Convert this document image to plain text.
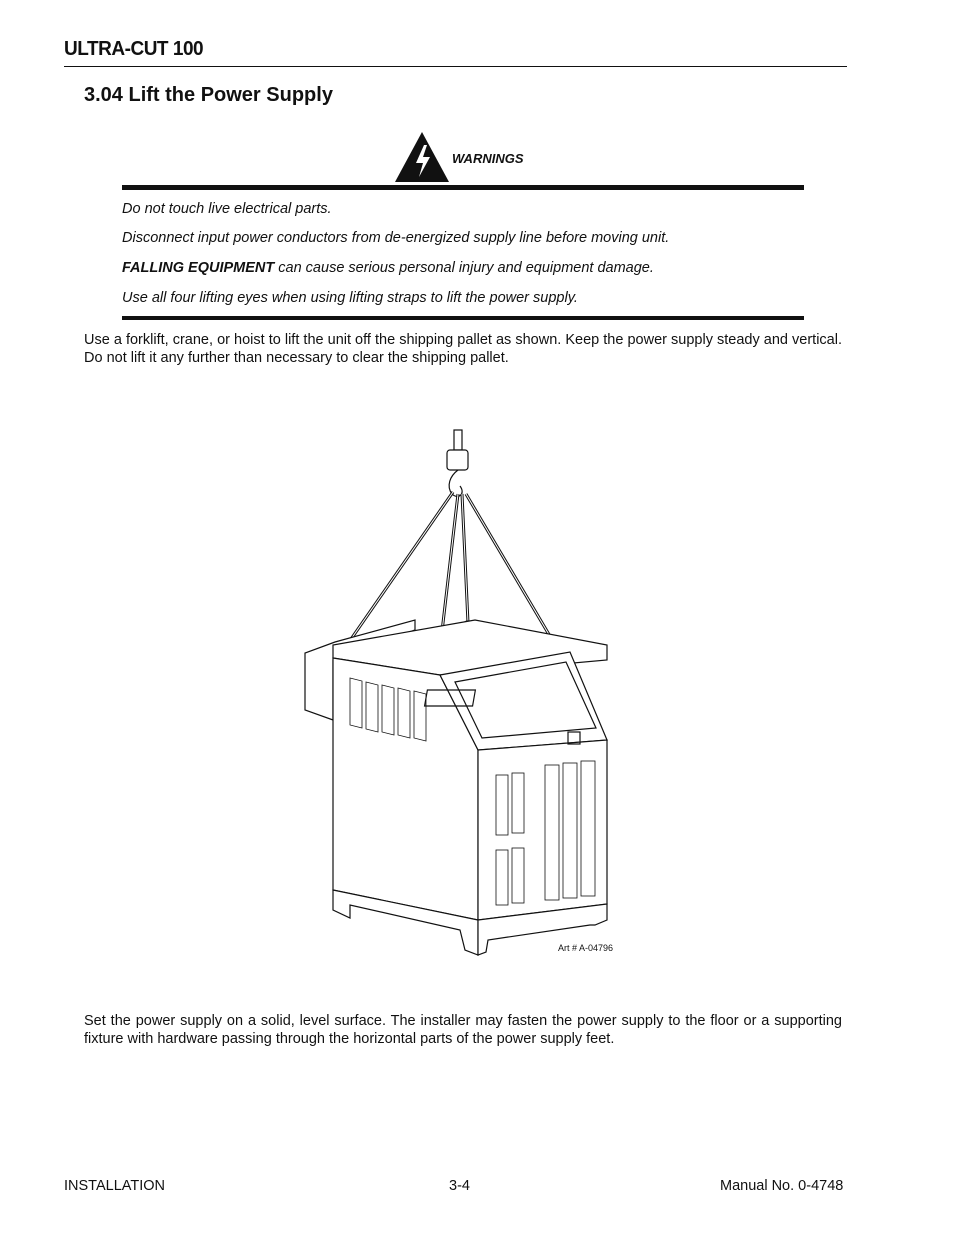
ULTRA-CUT 100
3.04 Lift the Power Supply
WARNINGS
Do not touch live electrical parts.
Disconnect input power conductors from de-energized supply line before moving unit.
FALLING EQUIPMENT can cause serious personal injury and equipment damage.
Use all four lifting eyes when using lifting straps to lift the power supply.
Use a forklift, crane, or hoist to lift the unit off the shipping pallet as shown. Keep the power supply steady and vertical. Do not lift it any further than necessary to clear the shipping pallet.
Art # A-04796
Set the power supply on a solid, level surface. The installer may fasten the power supply to the floor or a supporting fixture with hardware passing through the horizontal parts of the power supply feet.
INSTALLATION	3-4	Manual No. 0-4748
